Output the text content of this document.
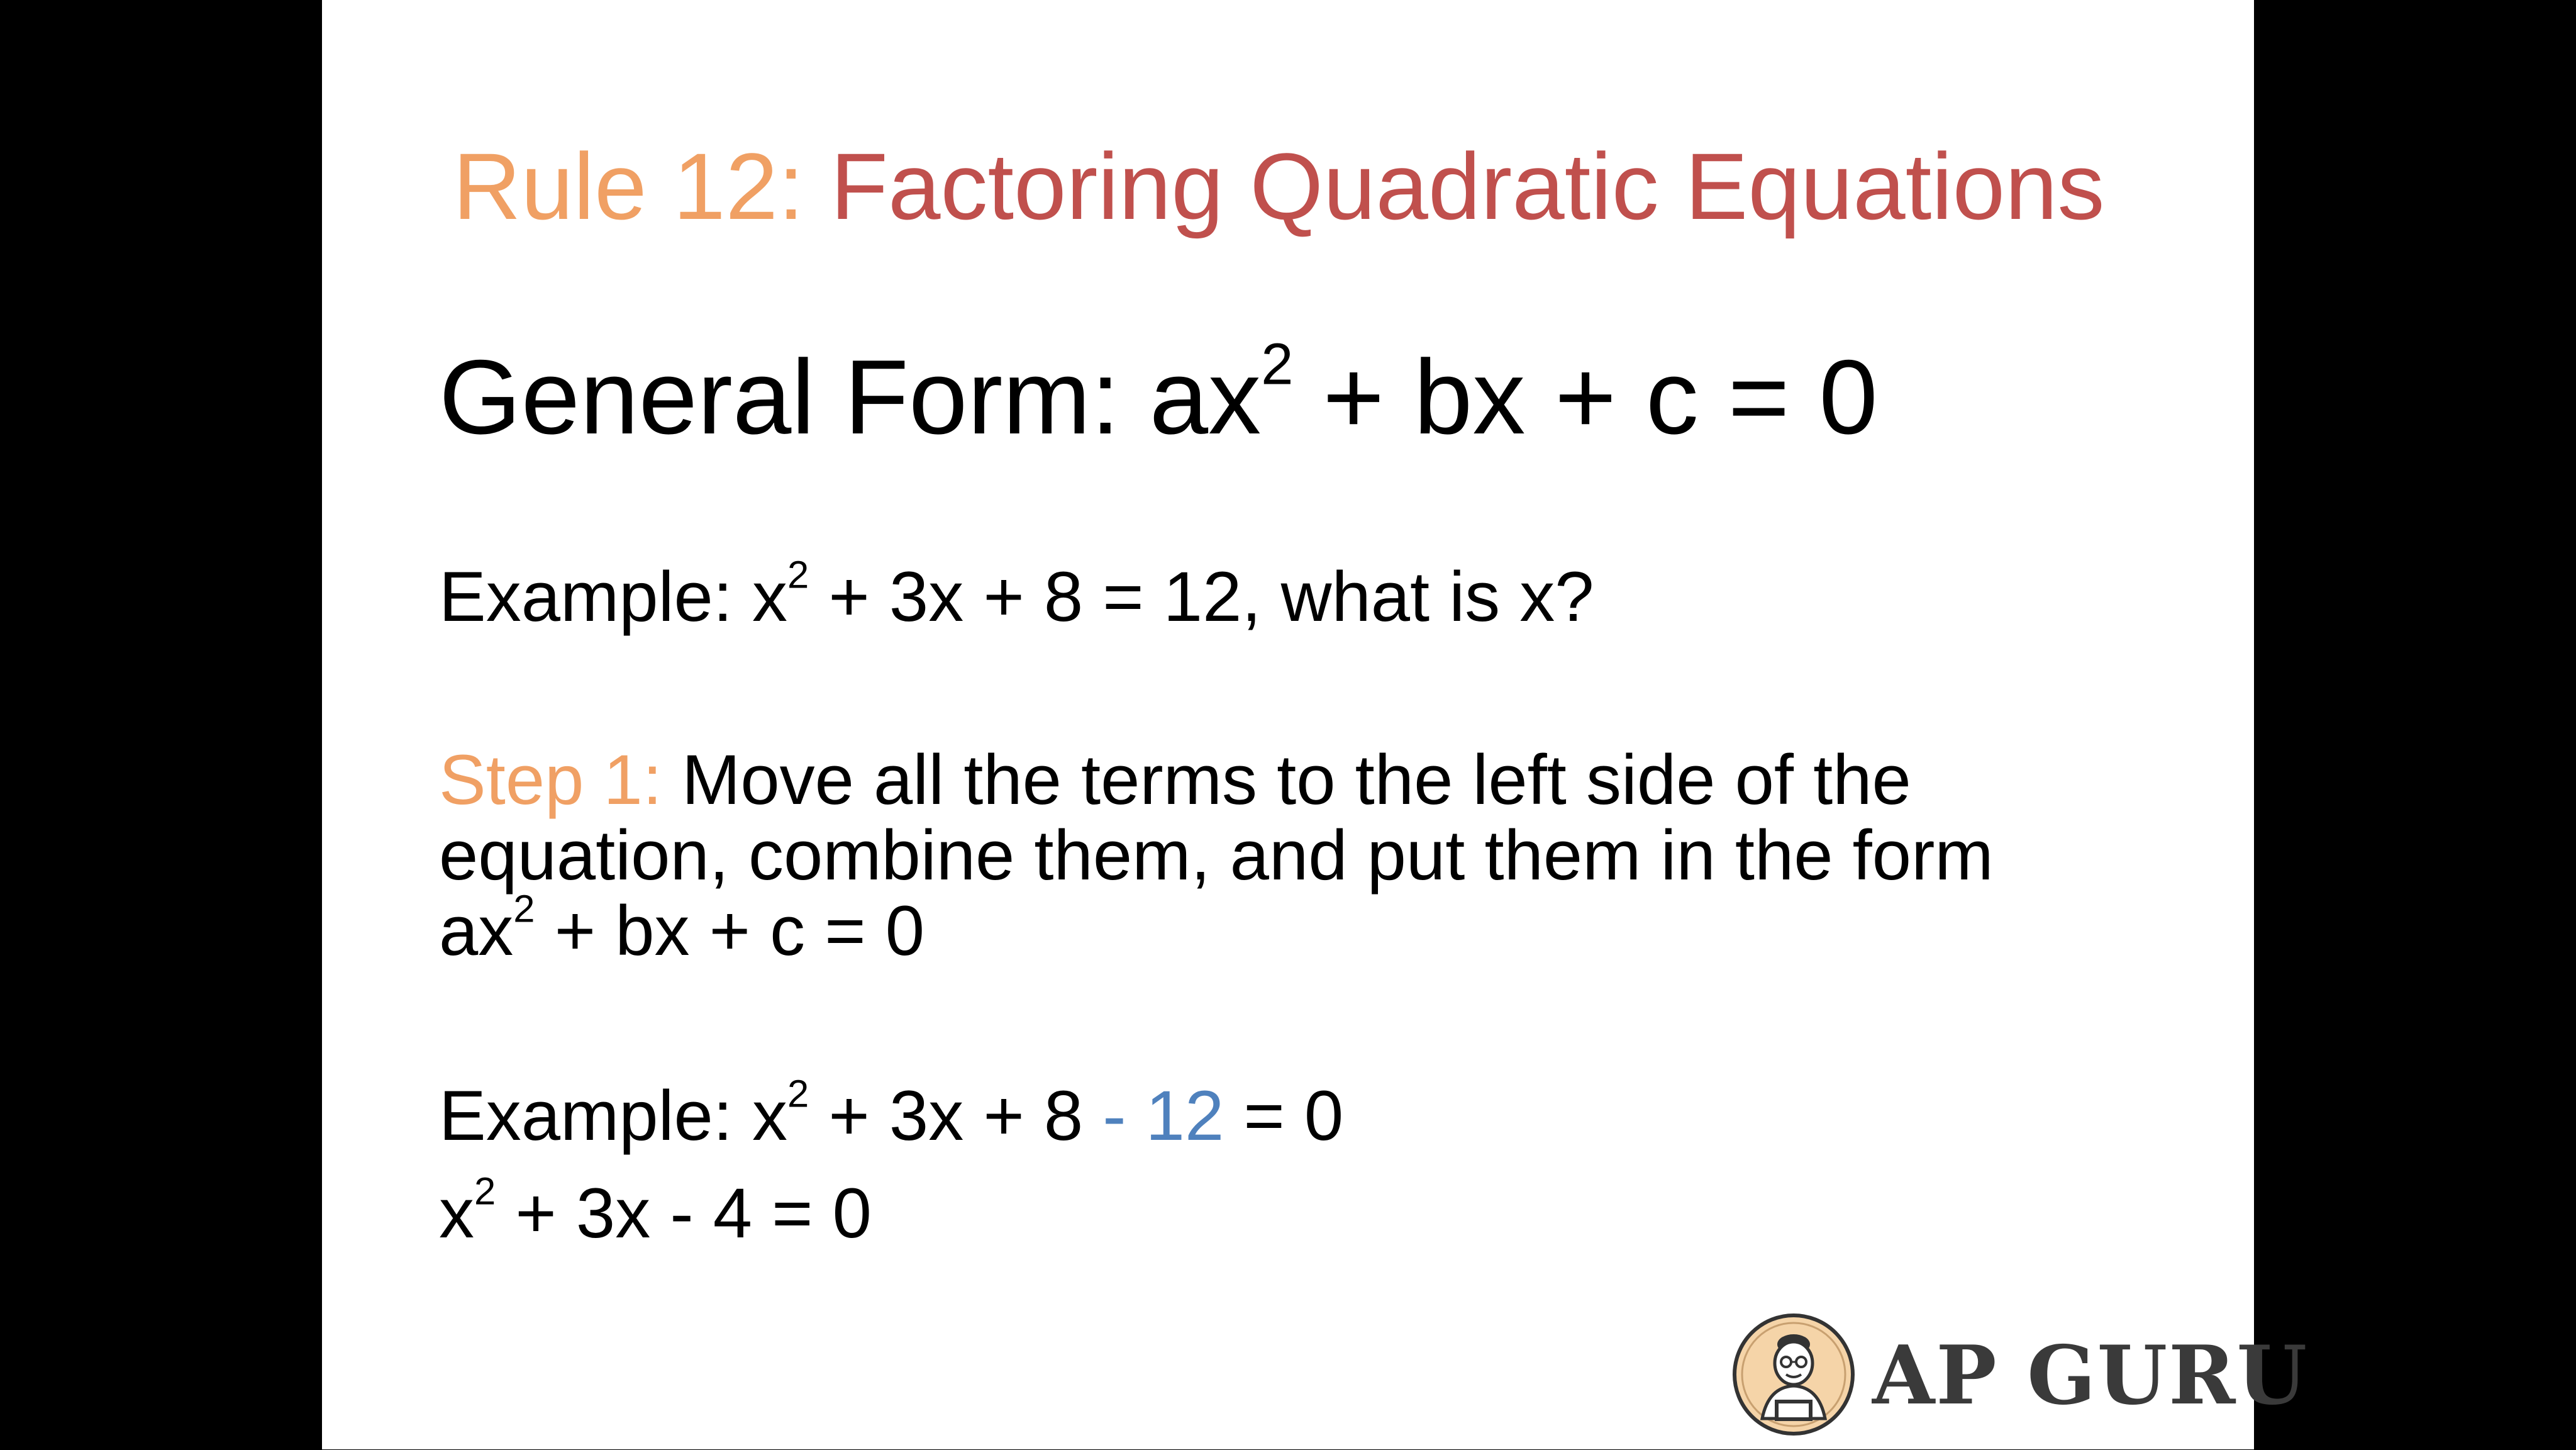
Rule 12: Factoring Quadratic Equations
General Form: $ax^2$ + bx + c = 0
Example: $x^2 + 3x + 8 = 12$, what is x?
Step 1: Move all the terms to the left side of the
equation, combine them, and put them in the form
$ax^2$ + bx + c = 0
Example: $x^2 + 3x + 8 - 12 = 0$
$x^2 + 3x - 4 = 0$
AP GURU
